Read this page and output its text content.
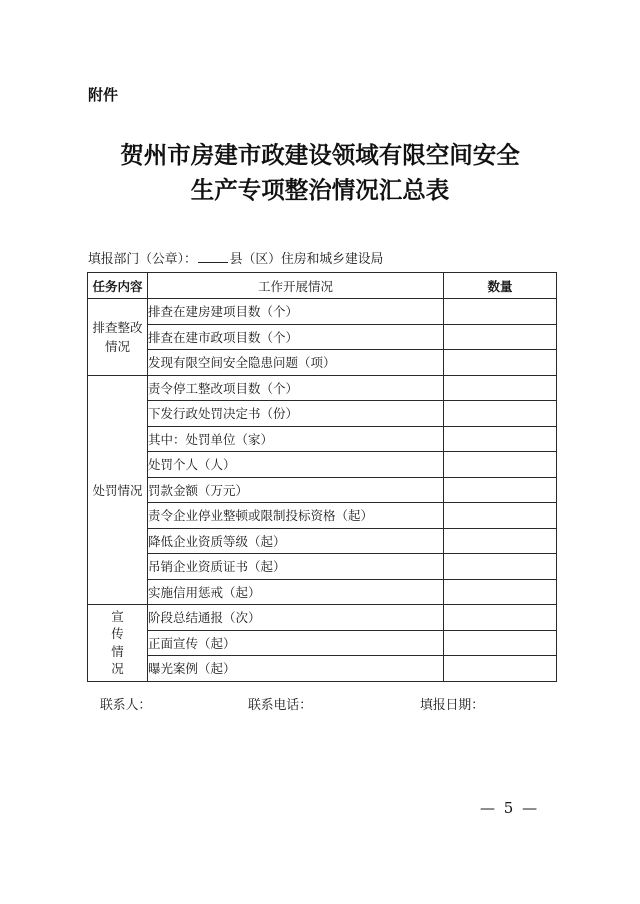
附件
贺州市房建市政建设领域有限空间安全
生产专项整治情况汇总表
填报部门（公章）：	县（区）住房和城乡建设局
任务内容	工作开展情况	数量

排查整改
情况	排查在建房建项目数（个）	
	排查在建市政项目数（个）	
	发现有限空间安全隐患问题（项）	

处罚情况	责令停工整改项目数（个）	
	下发行政处罚决定书（份）	
	其中：处罚单位（家）	
	处罚个人（人）	
	罚款金额（万元）	
	责令企业停业整顿或限制投标资格（起）	
	降低企业资质等级（起）	
	吊销企业资质证书（起）	
	实施信用惩戒（起）	

宣
传
情
况	阶段总结通报（次）	
	正面宣传（起）	
	曝光案例（起）	
联系人：	联系电话：	填报日期：
— 5 —
